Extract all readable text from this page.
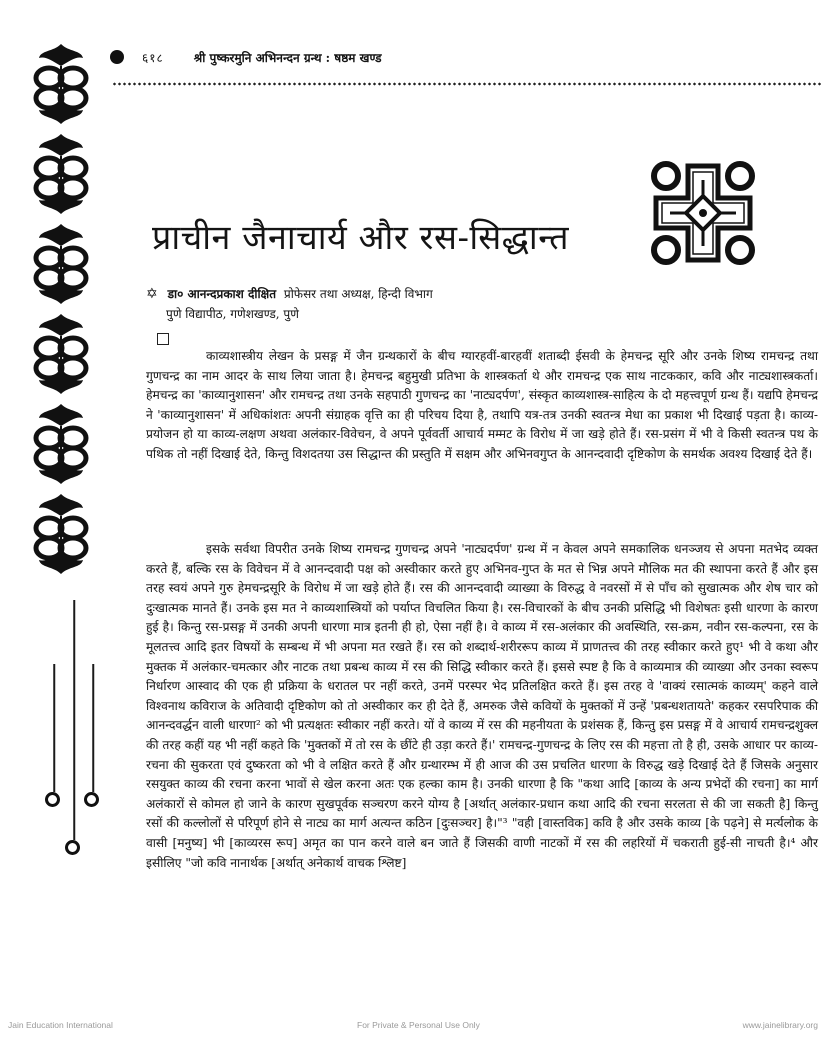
६१८	श्री पुष्करमुनि अभिनन्दन ग्रन्थ : षष्ठम खण्ड
प्राचीन जैनाचार्य और रस-सिद्धान्त
✡ डा० आनन्दप्रकाश दीक्षित प्रोफेसर तथा अध्यक्ष, हिन्दी विभाग
पुणे विद्यापीठ, गणेशखण्ड, पुणे

काव्यशास्त्रीय लेखन के प्रसङ्ग में जैन ग्रन्थकारों के बीच ग्यारहवीं-बारहवीं शताब्दी ईसवी के हेमचन्द्र सूरि और उनके शिष्य रामचन्द्र तथा गुणचन्द्र का नाम आदर के साथ लिया जाता है। हेमचन्द्र बहुमुखी प्रतिभा के शास्त्रकर्ता थे और रामचन्द्र एक साथ नाटककार, कवि और नाट्यशास्त्रकर्ता। हेमचन्द्र का 'काव्यानुशासन' और रामचन्द्र तथा उनके सहपाठी गुणचन्द्र का 'नाट्यदर्पण', संस्कृत काव्यशास्त्र-साहित्य के दो महत्त्वपूर्ण ग्रन्थ हैं। यद्यपि हेमचन्द्र ने 'काव्यानुशासन' में अधिकांशतः अपनी संग्राहक वृत्ति का ही परिचय दिया है, तथापि यत्र-तत्र उनकी स्वतन्त्र मेधा का प्रकाश भी दिखाई पड़ता है। काव्य-प्रयोजन हो या काव्य-लक्षण अथवा अलंकार-विवेचन, वे अपने पूर्ववर्ती आचार्य मम्मट के विरोध में जा खड़े होते हैं। रस-प्रसंग में भी वे किसी स्वतन्त्र पथ के पथिक तो नहीं दिखाई देते, किन्तु विशदतया उस सिद्धान्त की प्रस्तुति में सक्षम और अभिनवगुप्त के आनन्दवादी दृष्टिकोण के समर्थक अवश्य दिखाई देते हैं।

इसके सर्वथा विपरीत उनके शिष्य रामचन्द्र गुणचन्द्र अपने 'नाट्यदर्पण' ग्रन्थ में न केवल अपने समकालिक धनञ्जय से अपना मतभेद व्यक्त करते हैं, बल्कि रस के विवेचन में वे आनन्दवादी पक्ष को अस्वीकार करते हुए अभिनव-गुप्त के मत से भिन्न अपने मौलिक मत की स्थापना करते हैं और इस तरह स्वयं अपने गुरु हेमचन्द्रसूरि के विरोध में जा खड़े होते हैं। रस की आनन्दवादी व्याख्या के विरुद्ध वे नवरसों में से पाँच को सुखात्मक और शेष चार को दुःखात्मक मानते हैं। उनके इस मत ने काव्यशास्त्रियों को पर्याप्त विचलित किया है। रस-विचारकों के बीच उनकी प्रसिद्धि भी विशेषतः इसी धारणा के कारण हुई है। किन्तु रस-प्रसङ्ग में उनकी अपनी धारणा मात्र इतनी ही हो, ऐसा नहीं है। वे काव्य में रस-अलंकार की अवस्थिति, रस-क्रम, नवीन रस-कल्पना, रस के मूलतत्त्व आदि इतर विषयों के सम्बन्ध में भी अपना मत रखते हैं। रस को शब्दार्थ-शरीररूप काव्य में प्राणतत्त्व की तरह स्वीकार करते हुए¹ भी वे कथा और मुक्तक में अलंकार-चमत्कार और नाटक तथा प्रबन्ध काव्य में रस की सिद्धि स्वीकार करते हैं। इससे स्पष्ट है कि वे काव्यमात्र की व्याख्या और उनका स्वरूप निर्धारण आस्वाद की एक ही प्रक्रिया के धरातल पर नहीं करते, उनमें परस्पर भेद प्रतिलक्षित करते हैं। इस तरह वे 'वाक्यं रसात्मकं काव्यम्' कहने वाले विश्वनाथ कविराज के अतिवादी दृष्टिकोण को तो अस्वीकार कर ही देते हैं, अमरुक जैसे कवियों के मुक्तकों में उन्हें 'प्रबन्धशतायते' कहकर रसपरिपाक की आनन्दवर्द्धन वाली धारणा² को भी प्रत्यक्षतः स्वीकार नहीं करते। यों वे काव्य में रस की महनीयता के प्रशंसक हैं, किन्तु इस प्रसङ्ग में वे आचार्य रामचन्द्रशुक्ल की तरह कहीं यह भी नहीं कहते कि 'मुक्तकों में तो रस के छींटे ही उड़ा करते हैं।' रामचन्द्र-गुणचन्द्र के लिए रस की महत्ता तो है ही, उसके आधार पर काव्य-रचना की सुकरता एवं दुष्करता को भी वे लक्षित करते हैं और ग्रन्थारम्भ में ही आज की उस प्रचलित धारणा के विरुद्ध खड़े दिखाई देते हैं जिसके अनुसार रसयुक्त काव्य की रचना करना भावों से खेल करना अतः एक हल्का काम है। उनकी धारणा है कि "कथा आदि [काव्य के अन्य प्रभेदों की रचना] का मार्ग अलंकारों से कोमल हो जाने के कारण सुखपूर्वक सञ्चरण करने योग्य है [अर्थात् अलंकार-प्रधान कथा आदि की रचना सरलता से की जा सकती है] किन्तु रसों की कल्लोलों से परिपूर्ण होने से नाट्य का मार्ग अत्यन्त कठिन [दुःसञ्चर] है।"³ "वही [वास्तविक] कवि है और उसके काव्य [के पढ़ने] से मर्त्यलोक के वासी [मनुष्य] भी [काव्यरस रूप] अमृत का पान करने वाले बन जाते हैं जिसकी वाणी नाटकों में रस की लहरियों में चकराती हुई-सी नाचती है।⁴ और इसीलिए "जो कवि नानार्थक [अर्थात् अनेकार्थ वाचक श्लिष्ट]

Jain Education International	For Private & Personal Use Only	www.jainelibrary.org
